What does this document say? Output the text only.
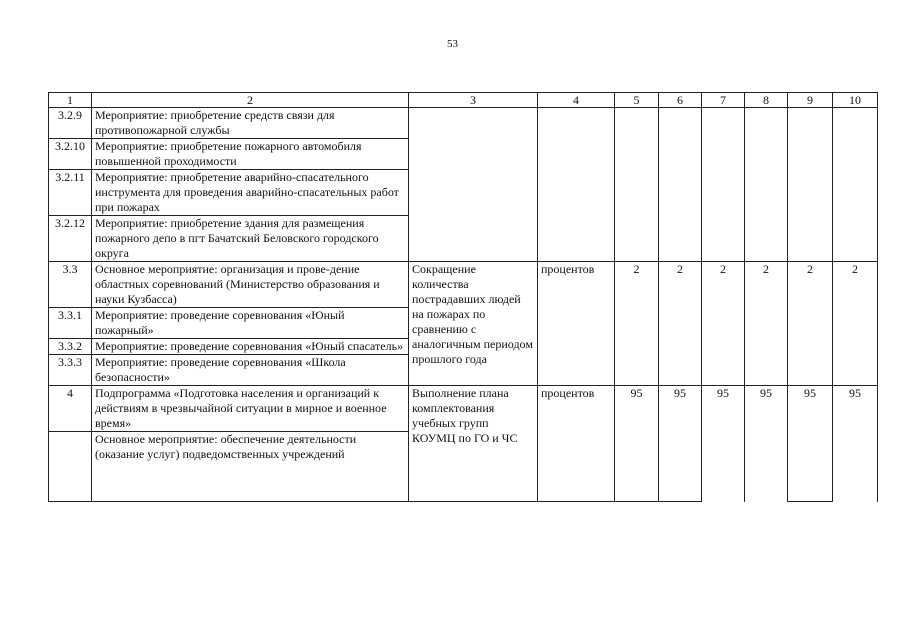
53
1	2	3	4	5	6	7	8	9	10
3.2.9	Мероприятие: приобретение средств связи для противопожарной службы								
3.2.10	Мероприятие: приобретение пожарного автомобиля повышенной проходимости								
3.2.11	Мероприятие: приобретение аварийно-спасательного инструмента для проведения аварийно-спасательных работ при пожарах								
3.2.12	Мероприятие: приобретение здания для размещения пожарного депо в пгт Бачатский Беловского городского округа								
3.3	Основное мероприятие: организация и прове-дение областных соревнований (Министерство образования и науки Кузбасса)	Сокращение количества пострадавших людей на пожарах по сравнению с аналогичным периодом прошлого года	процентов	2	2	2	2	2	2
3.3.1	Мероприятие: проведение соревнования «Юный пожарный»								
3.3.2	Мероприятие: проведение соревнования «Юный спасатель»								
3.3.3	Мероприятие: проведение соревнования «Школа безопасности»								
4	Подпрограмма «Подготовка населения и организаций к действиям в чрезвычайной ситуации в мирное и военное время»	Выполнение плана комплектования учебных групп КОУМЦ по ГО и ЧС	процентов	95	95	95	95	95	95
	Основное мероприятие: обеспечение деятельности (оказание услуг) подведомственных учреждений								
